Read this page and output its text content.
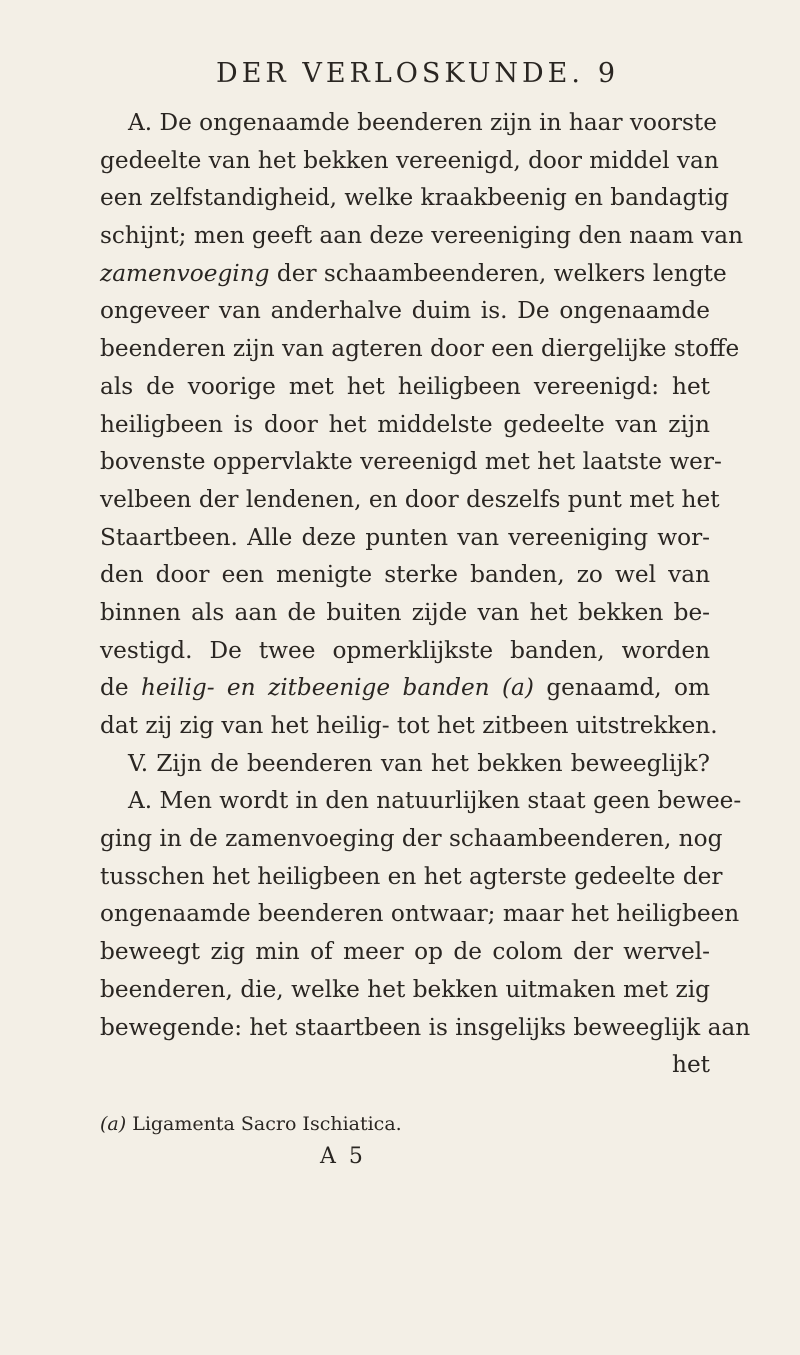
DER VERLOSKUNDE. 9
A. De ongenaamde beenderen zijn in haar voorste
gedeelte van het bekken vereenigd, door middel van
een zelfstandigheid, welke kraakbeenig en bandagtig
schijnt; men geeft aan deze vereeniging den naam van
zamenvoeging der schaambeenderen, welkers lengte
ongeveer van anderhalve duim is. De ongenaamde
beenderen zijn van agteren door een diergelijke stoffe
als de voorige met het heiligbeen vereenigd: het
heiligbeen is door het middelste gedeelte van zijn
bovenste oppervlakte vereenigd met het laatste wer-
velbeen der lendenen, en door deszelfs punt met het
Staartbeen. Alle deze punten van vereeniging wor-
den door een menigte sterke banden, zo wel van
binnen als aan de buiten zijde van het bekken be-
vestigd. De twee opmerklijkste banden, worden
de heilig- en zitbeenige banden (a) genaamd, om
dat zij zig van het heilig- tot het zitbeen uitstrekken.
V. Zijn de beenderen van het bekken beweeglijk?
A. Men wordt in den natuurlijken staat geen bewee-
ging in de zamenvoeging der schaambeenderen, nog
tusschen het heiligbeen en het agterste gedeelte der
ongenaamde beenderen ontwaar; maar het heiligbeen
beweegt zig min of meer op de colom der wervel-
beenderen, die, welke het bekken uitmaken met zig
bewegende: het staartbeen is insgelijks beweeglijk aan
het
(a) Ligamenta Sacro Ischiatica.
A 5
